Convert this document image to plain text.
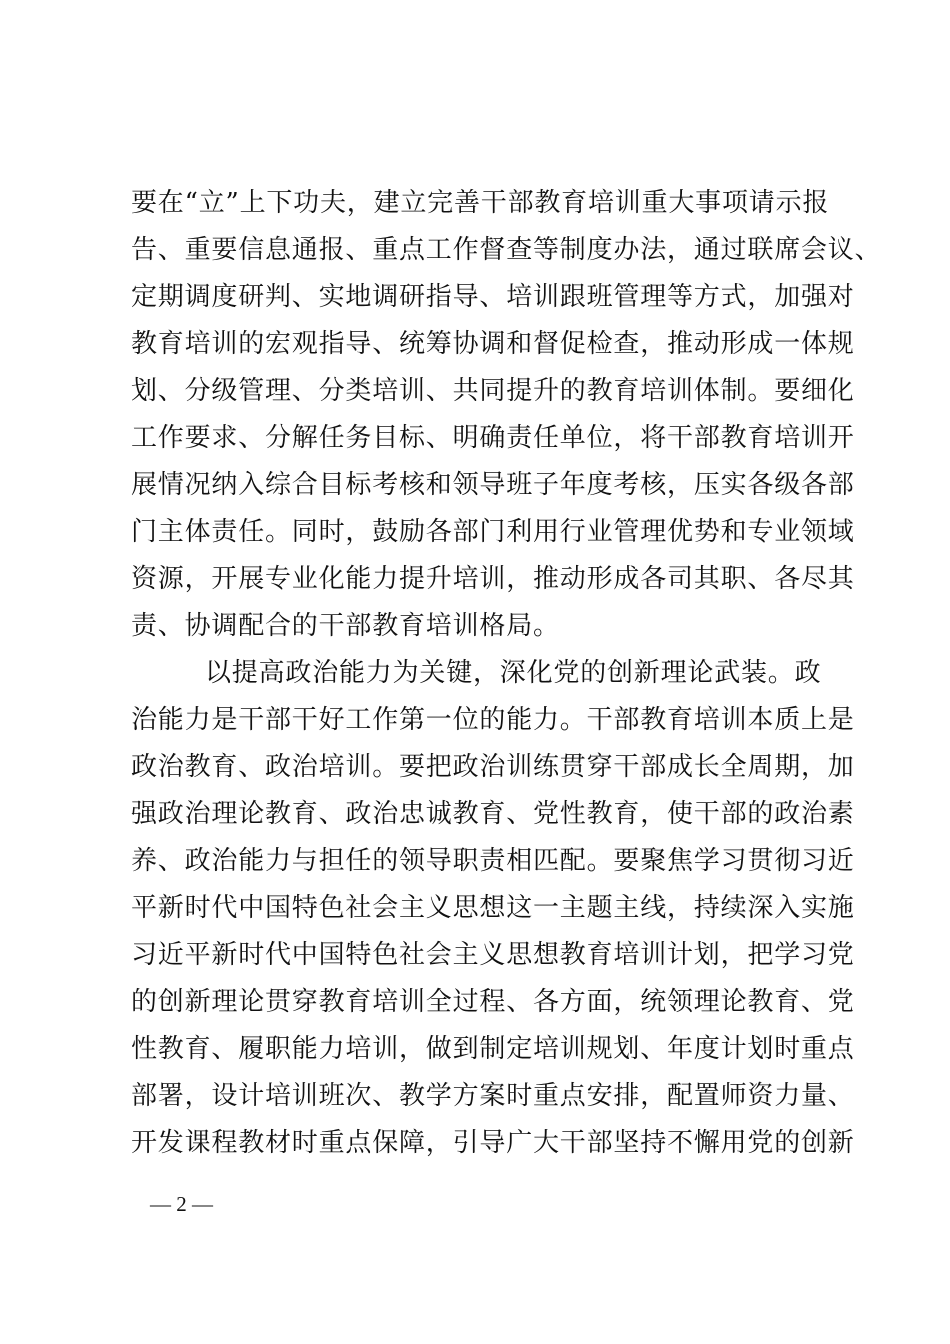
要在“立”上下功夫，建立完善干部教育培训重大事项请示报
告、重要信息通报、重点工作督查等制度办法，通过联席会议、
定期调度研判、实地调研指导、培训跟班管理等方式，加强对
教育培训的宏观指导、统筹协调和督促检查，推动形成一体规
划、分级管理、分类培训、共同提升的教育培训体制。要细化
工作要求、分解任务目标、明确责任单位，将干部教育培训开
展情况纳入综合目标考核和领导班子年度考核，压实各级各部
门主体责任。同时，鼓励各部门利用行业管理优势和专业领域
资源，开展专业化能力提升培训，推动形成各司其职、各尽其
责、协调配合的干部教育培训格局。
以提高政治能力为关键，深化党的创新理论武装。政
治能力是干部干好工作第一位的能力。干部教育培训本质上是
政治教育、政治培训。要把政治训练贯穿干部成长全周期，加
强政治理论教育、政治忠诚教育、党性教育，使干部的政治素
养、政治能力与担任的领导职责相匹配。要聚焦学习贯彻习近
平新时代中国特色社会主义思想这一主题主线，持续深入实施
习近平新时代中国特色社会主义思想教育培训计划，把学习党
的创新理论贯穿教育培训全过程、各方面，统领理论教育、党
性教育、履职能力培训，做到制定培训规划、年度计划时重点
部署，设计培训班次、教学方案时重点安排，配置师资力量、
开发课程教材时重点保障，引导广大干部坚持不懈用党的创新
— 2 —
